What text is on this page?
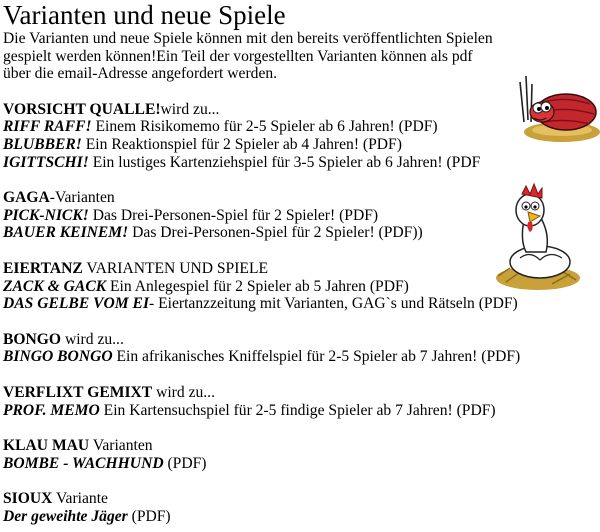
Varianten und neue Spiele

Die Varianten und neue Spiele können mit den bereits veröffentlichten Spielen
gespielt werden können!Ein Teil der vorgestellten Varianten können als pdf
über die email-Adresse angefordert werden.

VORSICHT QUALLE!wird zu...
RIFF RAFF! Einem Risikomemo für 2-5 Spieler ab 6 Jahren! (PDF)
BLUBBER! Ein Reaktionspiel für 2 Spieler ab 4 Jahren! (PDF)
IGITTSCHI! Ein lustiges Kartenziehspiel für 3-5 Spieler ab 6 Jahren! (PDF
GAGA-Varianten
PICK-NICK! Das Drei-Personen-Spiel für 2 Spieler! (PDF)
BAUER KEINEM! Das Drei-Personen-Spiel für 2 Spieler! (PDF))
EIERTANZ VARIANTEN UND SPIELE
ZACK & GACK Ein Anlegespiel für 2 Spieler ab 5 Jahren (PDF)
DAS GELBE VOM EI- Eiertanzzeitung mit Varianten, GAG`s und Rätseln (PDF)
BONGO wird zu...
BINGO BONGO Ein afrikanisches Kniffelspiel für 2-5 Spieler ab 7 Jahren! (PDF)
VERFLIXT GEMIXT wird zu...
PROF. MEMO Ein Kartensuchspiel für 2-5 findige Spieler ab 7 Jahren! (PDF)
KLAU MAU Varianten
BOMBE - WACHHUND (PDF)
SIOUX Variante
Der geweihte Jäger (PDF)
